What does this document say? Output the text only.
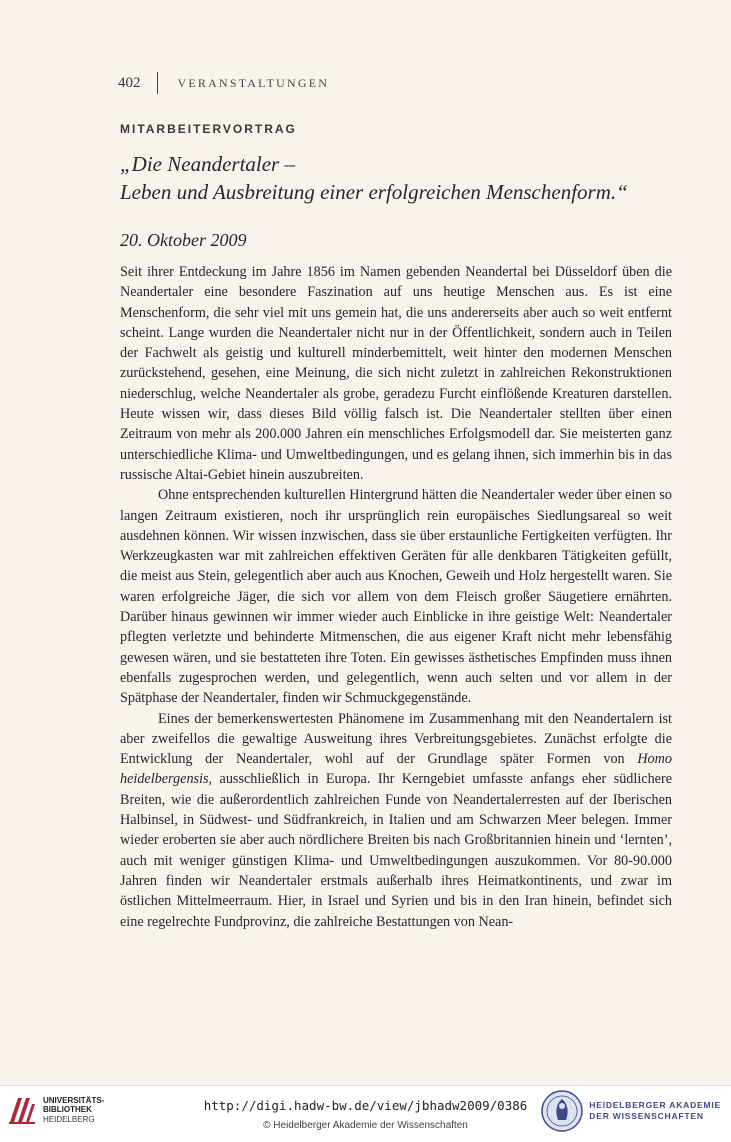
402	VERANSTALTUNGEN
MITARBEITERVORTRAG
„Die Neandertaler –
Leben und Ausbreitung einer erfolgreichen Menschenform.“
20. Oktober 2009

Seit ihrer Entdeckung im Jahre 1856 im Namen gebenden Neandertal bei Düsseldorf üben die Neandertaler eine besondere Faszination auf uns heutige Menschen aus. Es ist eine Menschenform, die sehr viel mit uns gemein hat, die uns andererseits aber auch so weit entfernt scheint. Lange wurden die Neandertaler nicht nur in der Öffentlichkeit, sondern auch in Teilen der Fachwelt als geistig und kulturell minderbemittelt, weit hinter den modernen Menschen zurückstehend, gesehen, eine Meinung, die sich nicht zuletzt in zahlreichen Rekonstruktionen niederschlug, welche Neandertaler als grobe, geradezu Furcht einflößende Kreaturen darstellen. Heute wissen wir, dass dieses Bild völlig falsch ist. Die Neandertaler stellten über einen Zeitraum von mehr als 200.000 Jahren ein menschliches Erfolgsmodell dar. Sie meisterten ganz unterschiedliche Klima- und Umweltbedingungen, und es gelang ihnen, sich immerhin bis in das russische Altai-Gebiet hinein auszubreiten.

Ohne entsprechenden kulturellen Hintergrund hätten die Neandertaler weder über einen so langen Zeitraum existieren, noch ihr ursprünglich rein europäisches Siedlungsareal so weit ausdehnen können. Wir wissen inzwischen, dass sie über erstaunliche Fertigkeiten verfügten. Ihr Werkzeugkasten war mit zahlreichen effektiven Geräten für alle denkbaren Tätigkeiten gefüllt, die meist aus Stein, gelegentlich aber auch aus Knochen, Geweih und Holz hergestellt waren. Sie waren erfolgreiche Jäger, die sich vor allem von dem Fleisch großer Säugetiere ernährten. Darüber hinaus gewinnen wir immer wieder auch Einblicke in ihre geistige Welt: Neandertaler pflegten verletzte und behinderte Mitmenschen, die aus eigener Kraft nicht mehr lebensfähig gewesen wären, und sie bestatteten ihre Toten. Ein gewisses ästhetisches Empfinden muss ihnen ebenfalls zugesprochen werden, und gelegentlich, wenn auch selten und vor allem in der Spätphase der Neandertaler, finden wir Schmuckgegenstände.

Eines der bemerkenswertesten Phänomene im Zusammenhang mit den Neandertalern ist aber zweifellos die gewaltige Ausweitung ihres Verbreitungsgebietes. Zunächst erfolgte die Entwicklung der Neandertaler, wohl auf der Grundlage später Formen von Homo heidelbergensis, ausschließlich in Europa. Ihr Kerngebiet umfasste anfangs eher südlichere Breiten, wie die außerordentlich zahlreichen Funde von Neandertalerresten auf der Iberischen Halbinsel, in Südwest- und Südfrankreich, in Italien und am Schwarzen Meer belegen. Immer wieder eroberten sie aber auch nördlichere Breiten bis nach Großbritannien hinein und ‘lernten’, auch mit weniger günstigen Klima- und Umweltbedingungen auszukommen. Vor 80-90.000 Jahren finden wir Neandertaler erstmals außerhalb ihres Heimatkontinents, und zwar im östlichen Mittelmeerraum. Hier, in Israel und Syrien und bis in den Iran hinein, befindet sich eine regelrechte Fundprovinz, die zahlreiche Bestattungen von Nean-

UNIVERSITÄTS-
BIBLIOTHEK
HEIDELBERG
http://digi.hadw-bw.de/view/jbhadw2009/0386
© Heidelberger Akademie der Wissenschaften
HEIDELBERGER AKADEMIE
DER WISSENSCHAFTEN
